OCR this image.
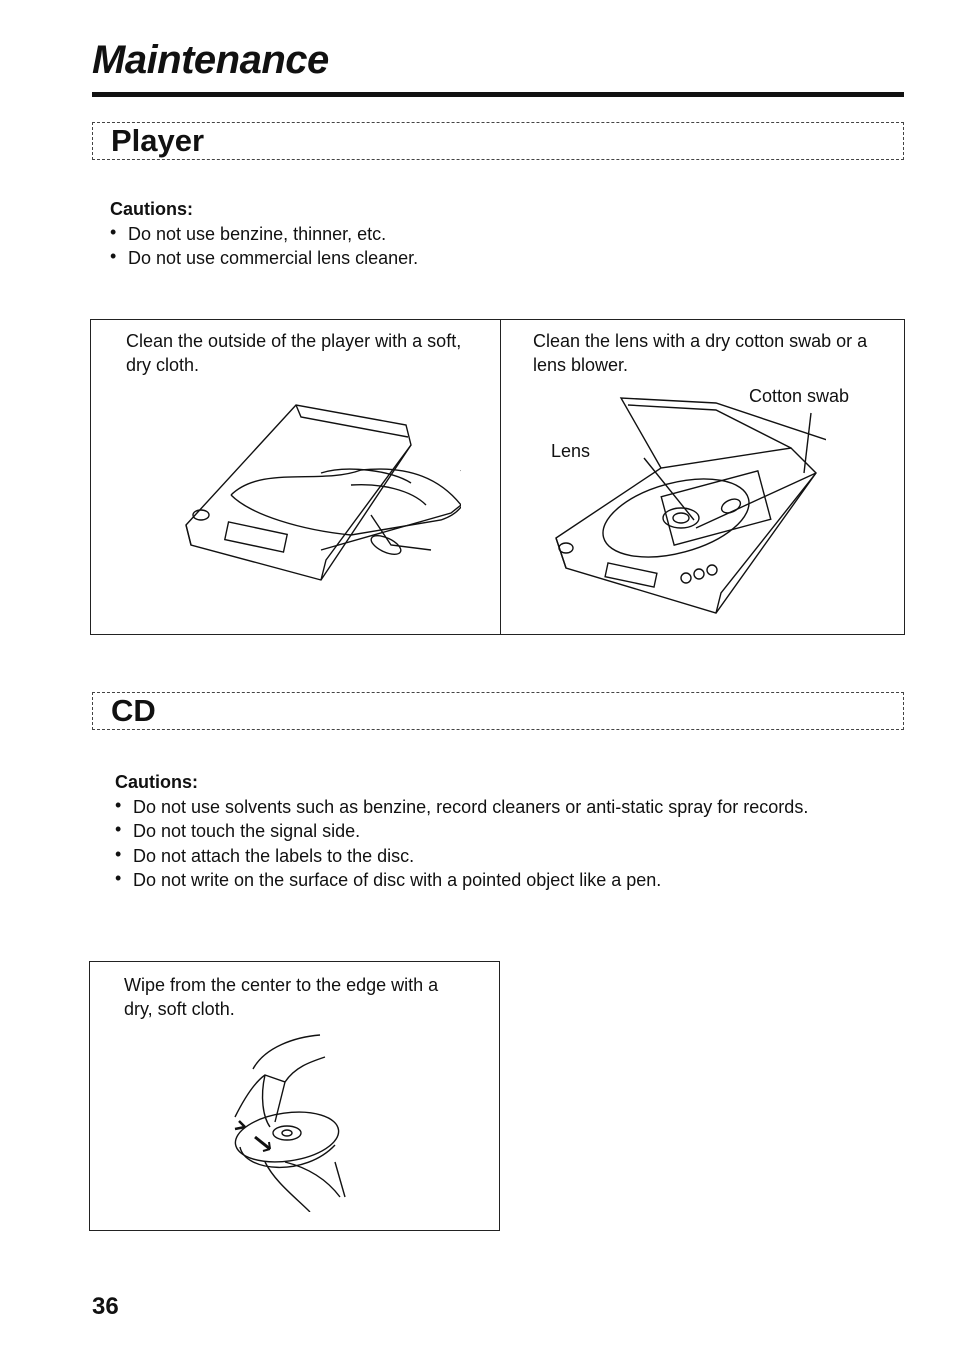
Maintenance
Player
Cautions:
• Do not use benzine, thinner, etc.
• Do not use commercial lens cleaner.
Clean the outside of the player with a soft, dry cloth.
Clean the lens with a dry cotton swab or a lens blower.
Cotton swab
Lens
CD
Cautions:
• Do not use solvents such as benzine, record cleaners or anti-static spray for records.
• Do not touch the signal side.
• Do not attach the labels to the disc.
• Do not write on the surface of disc with a pointed object like a pen.
Wipe from the center to the edge with a dry, soft cloth.
36
